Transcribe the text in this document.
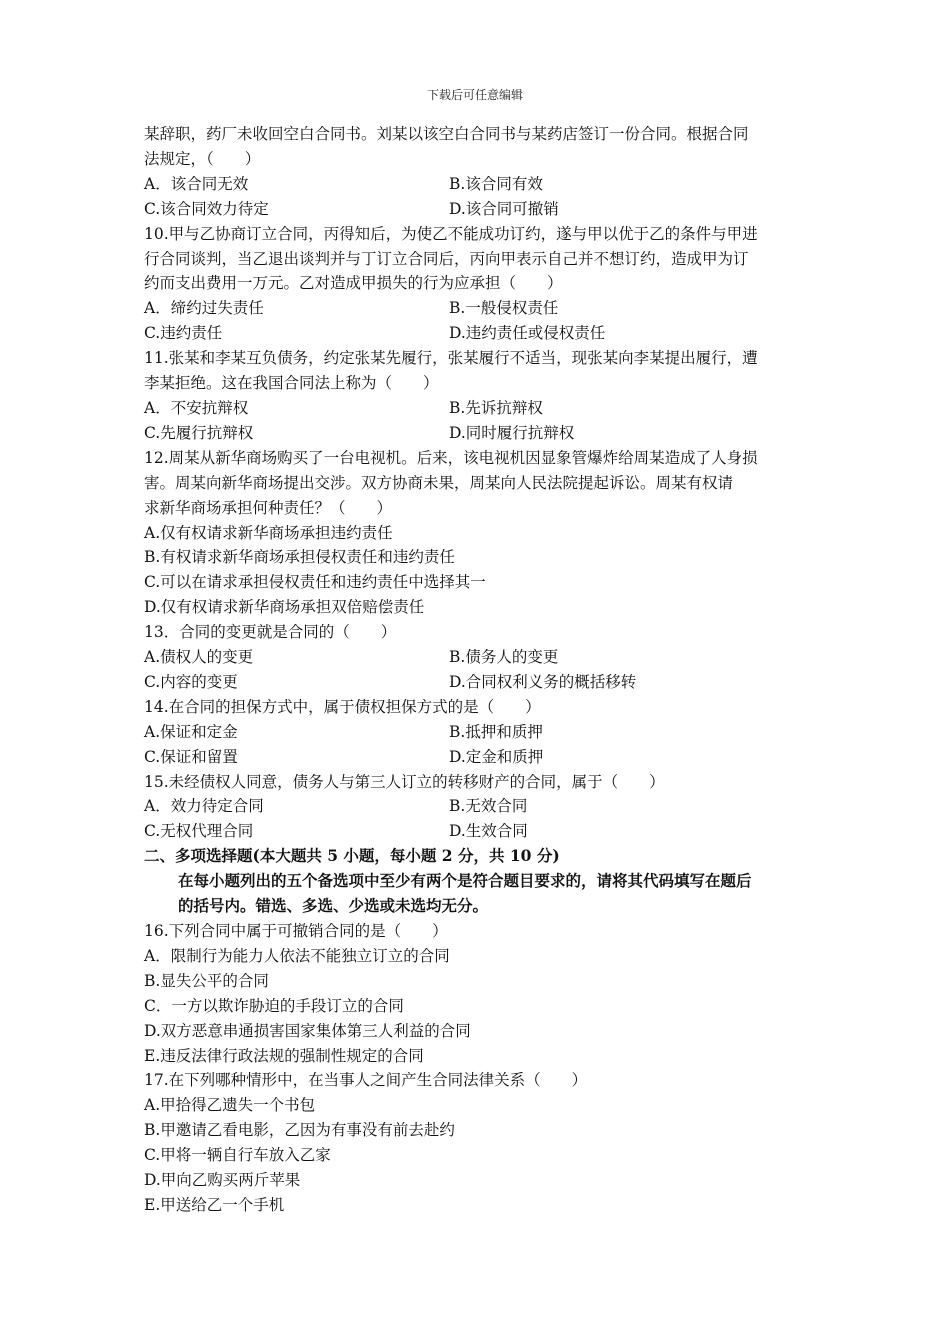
下载后可任意编辑
某辞职，药厂未收回空白合同书。刘某以该空白合同书与某药店签订一份合同。根据合同
法规定，（　　）
A．该合同无效	B.该合同有效
C.该合同效力待定	D.该合同可撤销
10.甲与乙协商订立合同，丙得知后，为使乙不能成功订约，遂与甲以优于乙的条件与甲进
行合同谈判，当乙退出谈判并与丁订立合同后，丙向甲表示自己并不想订约，造成甲为订
约而支出费用一万元。乙对造成甲损失的行为应承担（　　）
A．缔约过失责任	B.一般侵权责任
C.违约责任	D.违约责任或侵权责任
11.张某和李某互负债务，约定张某先履行，张某履行不适当，现张某向李某提出履行，遭
李某拒绝。这在我国合同法上称为（　　）
A．不安抗辩权	B.先诉抗辩权
C.先履行抗辩权	D.同时履行抗辩权
12.周某从新华商场购买了一台电视机。后来，该电视机因显象管爆炸给周某造成了人身损
害。周某向新华商场提出交涉。双方协商未果，周某向人民法院提起诉讼。周某有权请
求新华商场承担何种责任？（　　）
A.仅有权请求新华商场承担违约责任
B.有权请求新华商场承担侵权责任和违约责任
C.可以在请求承担侵权责任和违约责任中选择其一
D.仅有权请求新华商场承担双倍赔偿责任
13．合同的变更就是合同的（　　）
A.债权人的变更	B.债务人的变更
C.内容的变更	D.合同权利义务的概括移转
14.在合同的担保方式中，属于债权担保方式的是（　　）
A.保证和定金	B.抵押和质押
C.保证和留置	D.定金和质押
15.未经债权人同意，债务人与第三人订立的转移财产的合同，属于（　　）
A．效力待定合同	B.无效合同
C.无权代理合同	D.生效合同
二、多项选择题(本大题共 5 小题，每小题 2 分，共 10 分)
在每小题列出的五个备选项中至少有两个是符合题目要求的，请将其代码填写在题后
的括号内。错选、多选、少选或未选均无分。
16.下列合同中属于可撤销合同的是（　　）
A．限制行为能力人依法不能独立订立的合同
B.显失公平的合同
C．一方以欺诈胁迫的手段订立的合同
D.双方恶意串通损害国家集体第三人利益的合同
E.违反法律行政法规的强制性规定的合同
17.在下列哪种情形中，在当事人之间产生合同法律关系（　　）
A.甲拾得乙遗失一个书包
B.甲邀请乙看电影，乙因为有事没有前去赴约
C.甲将一辆自行车放入乙家
D.甲向乙购买两斤苹果
E.甲送给乙一个手机
